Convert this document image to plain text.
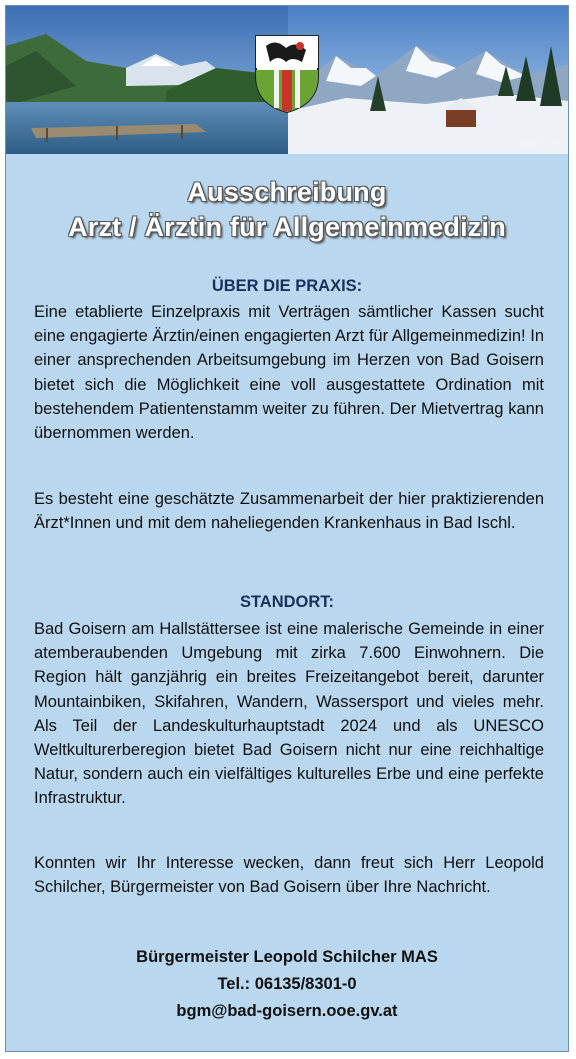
Foto: Bacher
Ausschreibung
Arzt / Ärztin für Allgemeinmedizin
ÜBER DIE PRAXIS:
Eine etablierte Einzelpraxis mit Verträgen sämtlicher Kassen sucht eine engagierte Ärztin/einen engagierten Arzt für Allgemeinmedizin! In einer ansprechenden Arbeitsumgebung im Herzen von Bad Goisern bietet sich die Möglichkeit eine voll ausgestattete Ordination mit bestehendem Patientenstamm weiter zu führen. Der Mietvertrag kann übernommen werden.
Es besteht eine geschätzte Zusammenarbeit der hier praktizierenden Ärzt*Innen und mit dem naheliegenden Krankenhaus in Bad Ischl.
STANDORT:
Bad Goisern am Hallstättersee ist eine malerische Gemeinde in einer atemberaubenden Umgebung mit zirka 7.600 Einwohnern. Die Region hält ganzjährig ein breites Freizeitangebot bereit, darunter Mountainbiken, Skifahren, Wandern, Wassersport und vieles mehr. Als Teil der Landeskulturhauptstadt 2024 und als UNESCO Weltkulturerberegion bietet Bad Goisern nicht nur eine reichhaltige Natur, sondern auch ein vielfältiges kulturelles Erbe und eine perfekte Infrastruktur.
Konnten wir Ihr Interesse wecken, dann freut sich Herr Leopold Schilcher, Bürgermeister von Bad Goisern über Ihre Nachricht.
Bürgermeister Leopold Schilcher MAS
Tel.: 06135/8301-0
bgm@bad-goisern.ooe.gv.at
